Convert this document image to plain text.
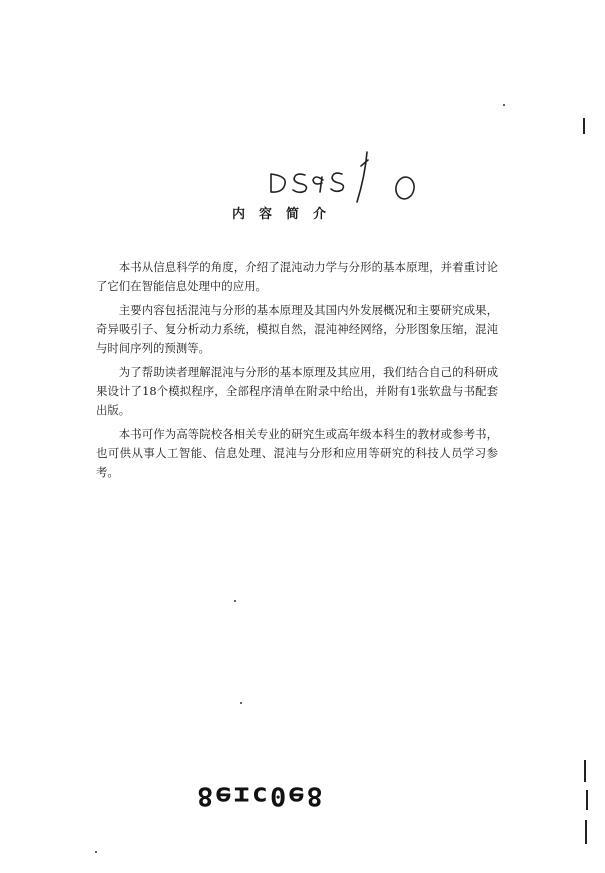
内容简介

本书从信息科学的角度，介绍了混沌动力学与分形的基本原理，并着重讨论了它们在智能信息处理中的应用。

主要内容包括混沌与分形的基本原理及其国内外发展概况和主要研究成果，奇异吸引子、复分析动力系统，模拟自然，混沌神经网络，分形图象压缩，混沌与时间序列的预测等。

为了帮助读者理解混沌与分形的基本原理及其应用，我们结合自己的科研成果设计了18个模拟程序，全部程序清单在附录中给出，并附有1张软盘与书配套出版。

本书可作为高等院校各相关专业的研究生或高年级本科生的教材或参考书，也可供从事人工智能、信息处理、混沌与分形和应用等研究的科技人员学习参考。

8ɘ0ɔɪɘ8
